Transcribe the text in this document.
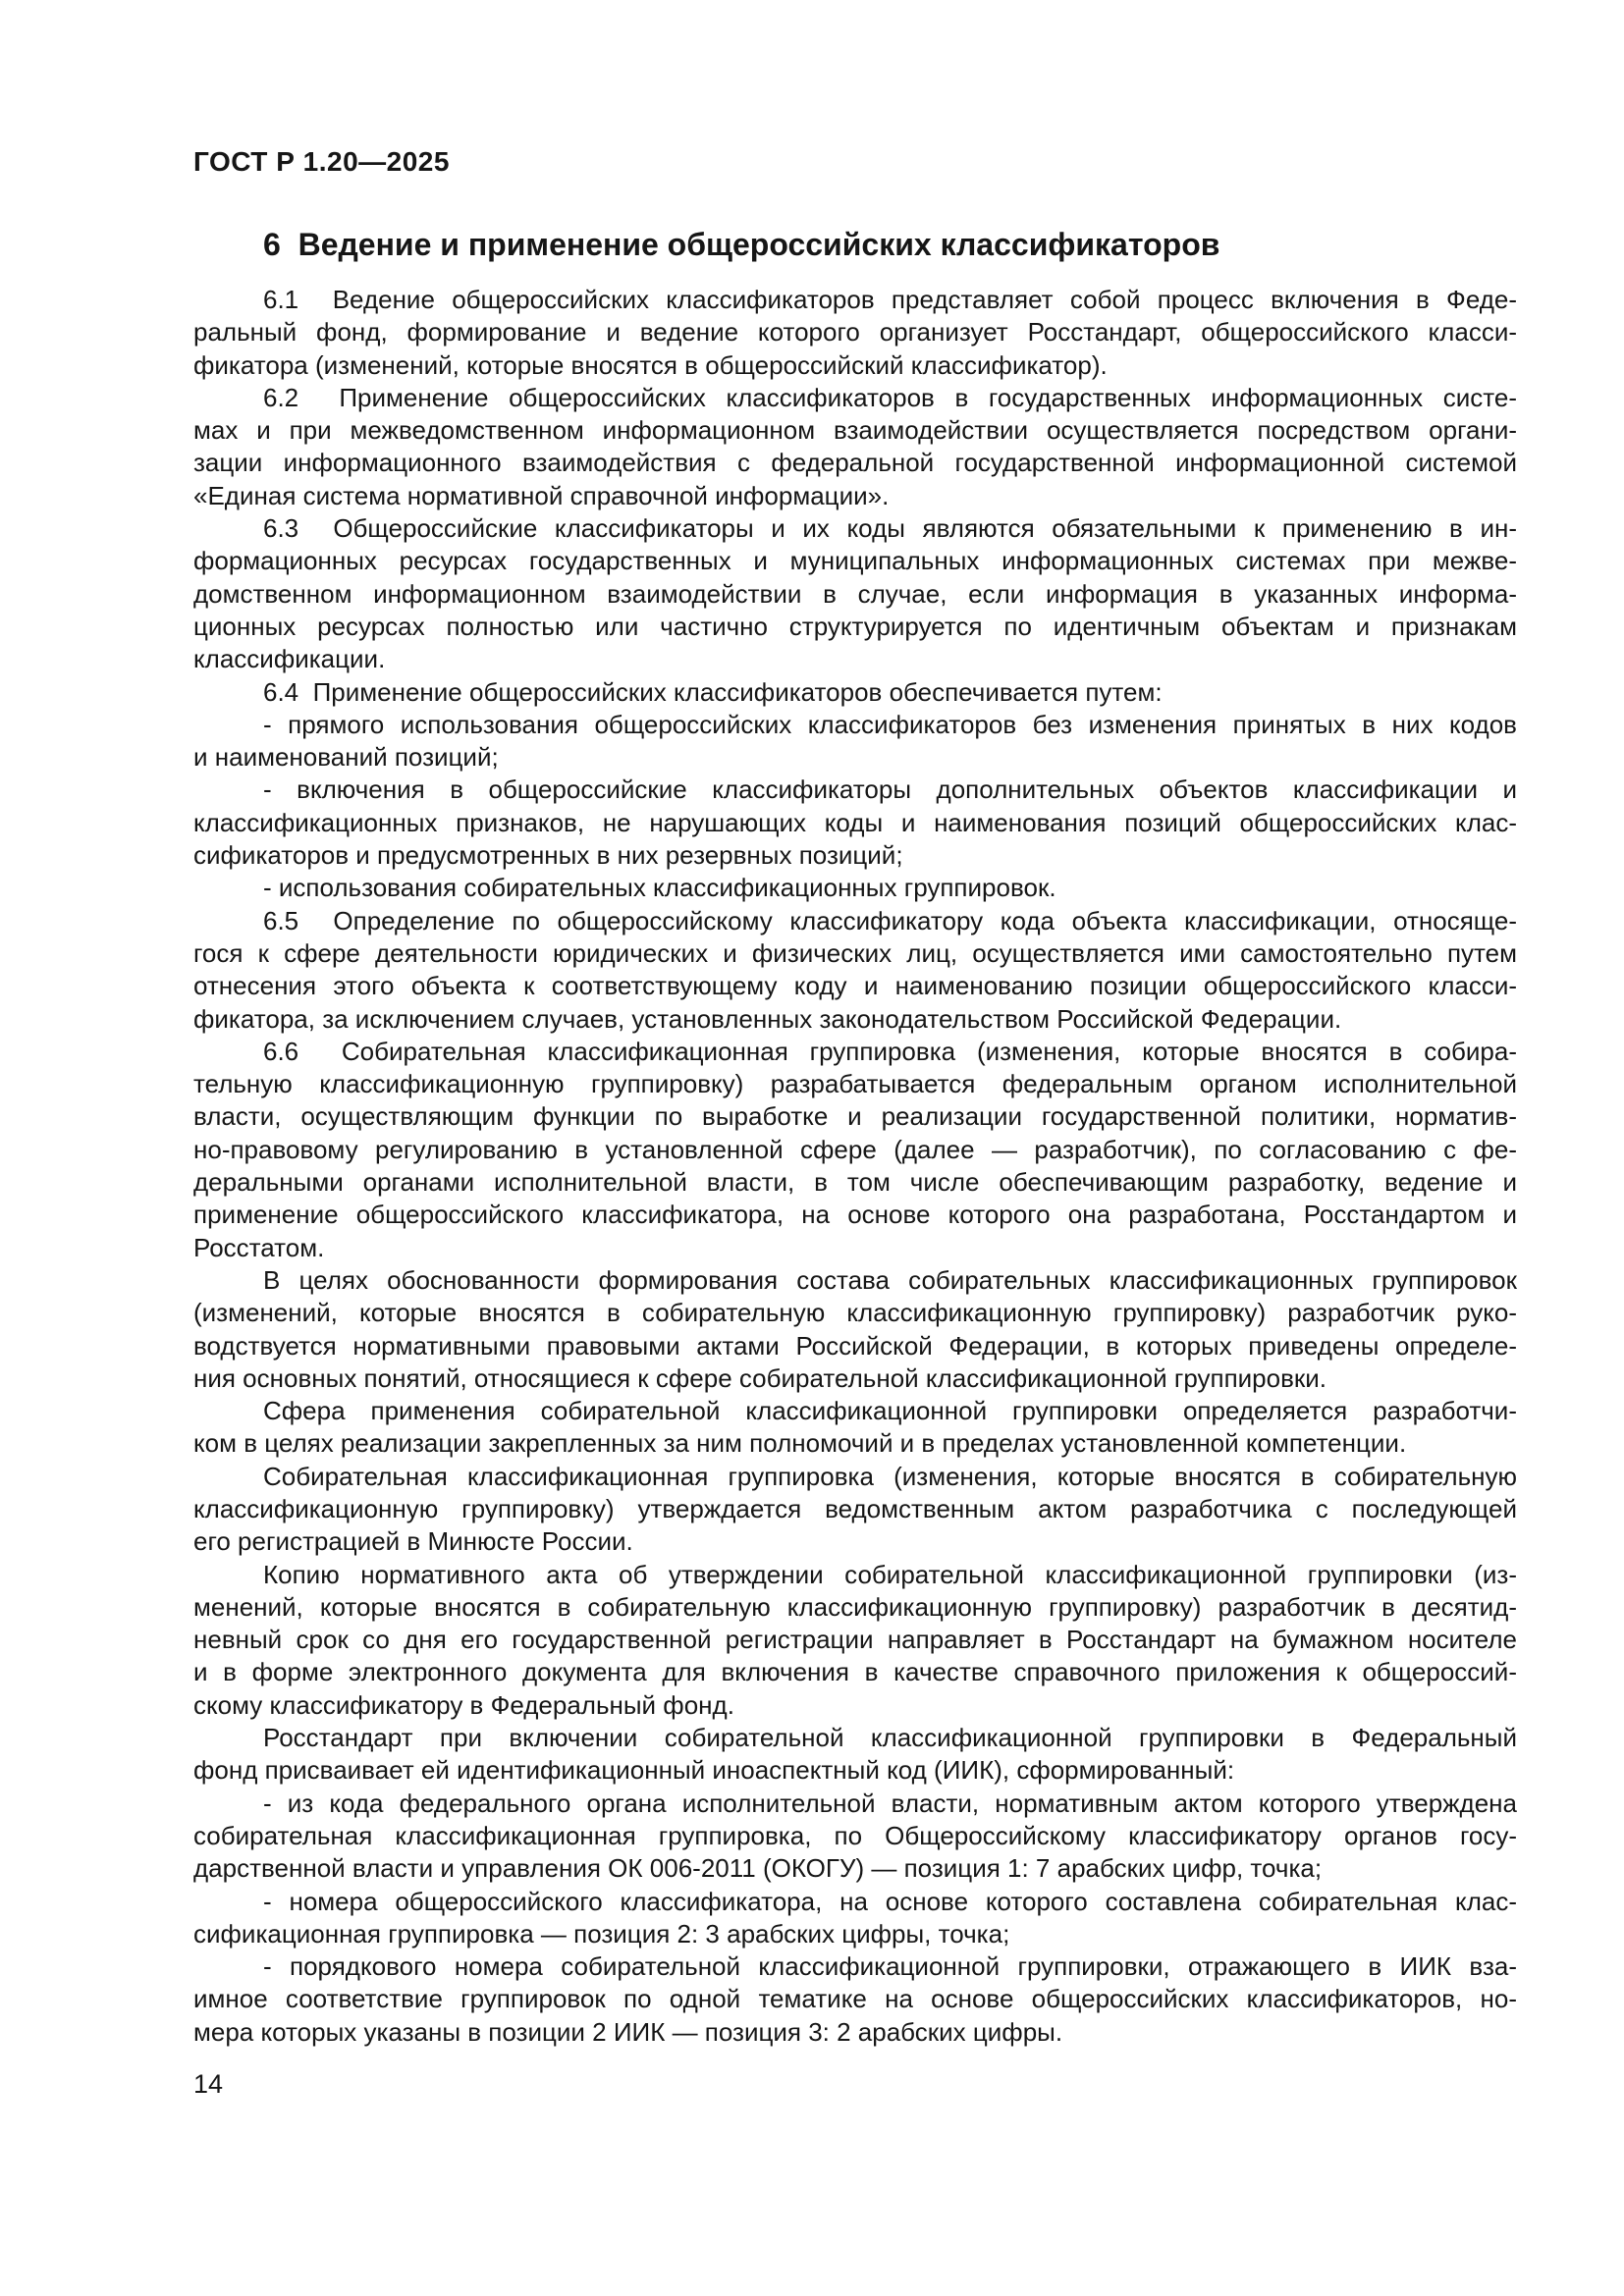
ГОСТ Р 1.20—2025
6  Ведение и применение общероссийских классификаторов

6.1  Ведение общероссийских классификаторов представляет собой процесс включения в Феде-
ральный фонд, формирование и ведение которого организует Росстандарт, общероссийского класси-
фикатора (изменений, которые вносятся в общероссийский классификатор).

6.2  Применение общероссийских классификаторов в государственных информационных систе-
мах и при межведомственном информационном взаимодействии осуществляется посредством органи-
зации информационного взаимодействия с федеральной государственной информационной системой
«Единая система нормативной справочной информации».

6.3  Общероссийские классификаторы и их коды являются обязательными к применению в ин-
формационных ресурсах государственных и муниципальных информационных системах при межве-
домственном информационном взаимодействии в случае, если информация в указанных информа-
ционных ресурсах полностью или частично структурируется по идентичным объектам и признакам
классификации.

6.4  Применение общероссийских классификаторов обеспечивается путем:

- прямого использования общероссийских классификаторов без изменения принятых в них кодов
и наименований позиций;

- включения в общероссийские классификаторы дополнительных объектов классификации и
классификационных признаков, не нарушающих коды и наименования позиций общероссийских клас-
сификаторов и предусмотренных в них резервных позиций;

- использования собирательных классификационных группировок.

6.5  Определение по общероссийскому классификатору кода объекта классификации, относяще-
гося к сфере деятельности юридических и физических лиц, осуществляется ими самостоятельно путем
отнесения этого объекта к соответствующему коду и наименованию позиции общероссийского класси-
фикатора, за исключением случаев, установленных законодательством Российской Федерации.

6.6  Собирательная классификационная группировка (изменения, которые вносятся в собира-
тельную классификационную группировку) разрабатывается федеральным органом исполнительной
власти, осуществляющим функции по выработке и реализации государственной политики, норматив-
но-правовому регулированию в установленной сфере (далее — разработчик), по согласованию с фе-
деральными органами исполнительной власти, в том числе обеспечивающим разработку, ведение и
применение общероссийского классификатора, на основе которого она разработана, Росстандартом и
Росстатом.

В целях обоснованности формирования состава собирательных классификационных группировок
(изменений, которые вносятся в собирательную классификационную группировку) разработчик руко-
водствуется нормативными правовыми актами Российской Федерации, в которых приведены определе-
ния основных понятий, относящиеся к сфере собирательной классификационной группировки.

Сфера применения собирательной классификационной группировки определяется разработчи-
ком в целях реализации закрепленных за ним полномочий и в пределах установленной компетенции.

Собирательная классификационная группировка (изменения, которые вносятся в собирательную
классификационную группировку) утверждается ведомственным актом разработчика с последующей
его регистрацией в Минюсте России.

Копию нормативного акта об утверждении собирательной классификационной группировки (из-
менений, которые вносятся в собирательную классификационную группировку) разработчик в десятид-
невный срок со дня его государственной регистрации направляет в Росстандарт на бумажном носителе
и в форме электронного документа для включения в качестве справочного приложения к общероссий-
скому классификатору в Федеральный фонд.

Росстандарт при включении собирательной классификационной группировки в Федеральный
фонд присваивает ей идентификационный иноаспектный код (ИИК), сформированный:

- из кода федерального органа исполнительной власти, нормативным актом которого утверждена
собирательная классификационная группировка, по Общероссийскому классификатору органов госу-
дарственной власти и управления ОК 006-2011 (ОКОГУ) — позиция 1: 7 арабских цифр, точка;

- номера общероссийского классификатора, на основе которого составлена собирательная клас-
сификационная группировка — позиция 2: 3 арабских цифры, точка;

- порядкового номера собирательной классификационной группировки, отражающего в ИИК вза-
имное соответствие группировок по одной тематике на основе общероссийских классификаторов, но-
мера которых указаны в позиции 2 ИИК — позиция 3: 2 арабских цифры.

14
